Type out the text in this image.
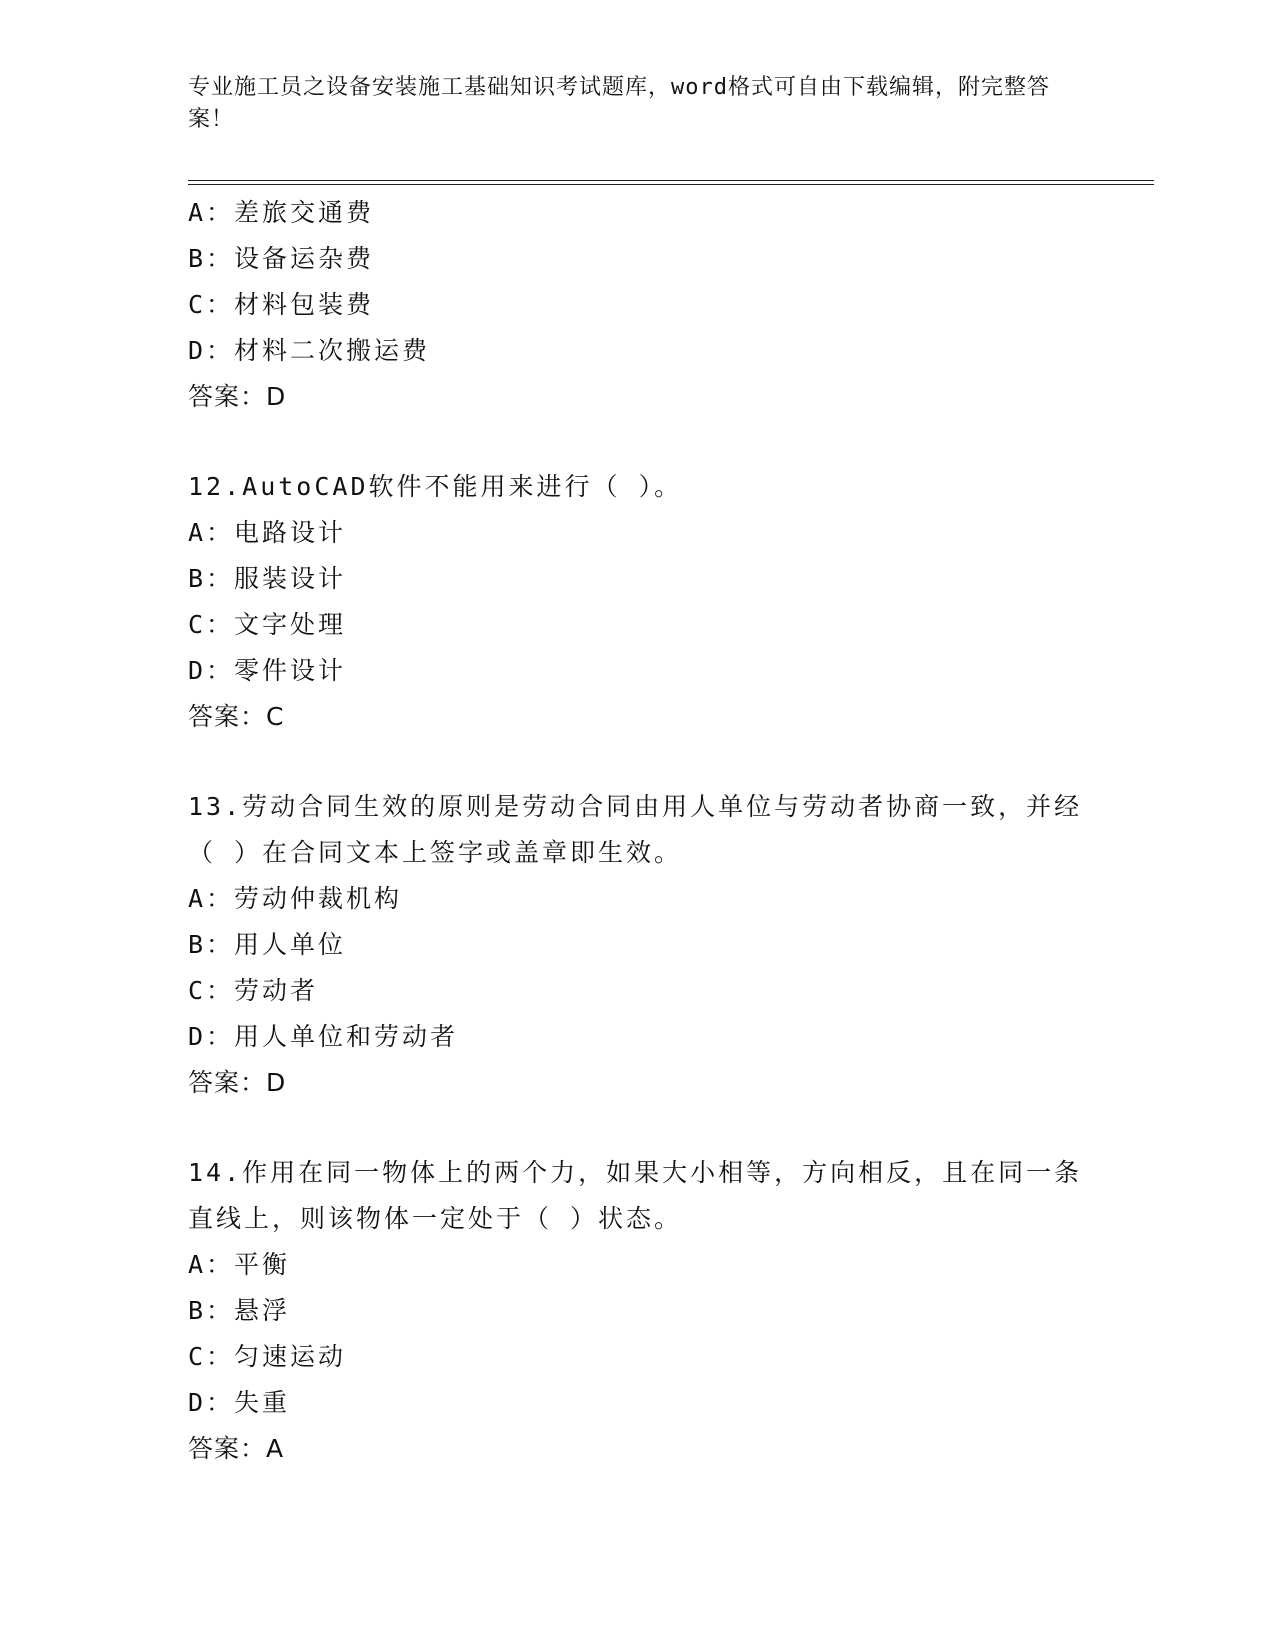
专业施工员之设备安装施工基础知识考试题库，word格式可自由下载编辑，附完整答案！
A：差旅交通费
B：设备运杂费
C：材料包装费
D：材料二次搬运费
答案：D
12.AutoCAD软件不能用来进行（ ）。
A：电路设计
B：服装设计
C：文字处理
D：零件设计
答案：C
13.劳动合同生效的原则是劳动合同由用人单位与劳动者协商一致，并经（ ）在合同文本上签字或盖章即生效。
A：劳动仲裁机构
B：用人单位
C：劳动者
D：用人单位和劳动者
答案：D
14.作用在同一物体上的两个力，如果大小相等，方向相反，且在同一条直线上，则该物体一定处于（ ）状态。
A：平衡
B：悬浮
C：匀速运动
D：失重
答案：A
